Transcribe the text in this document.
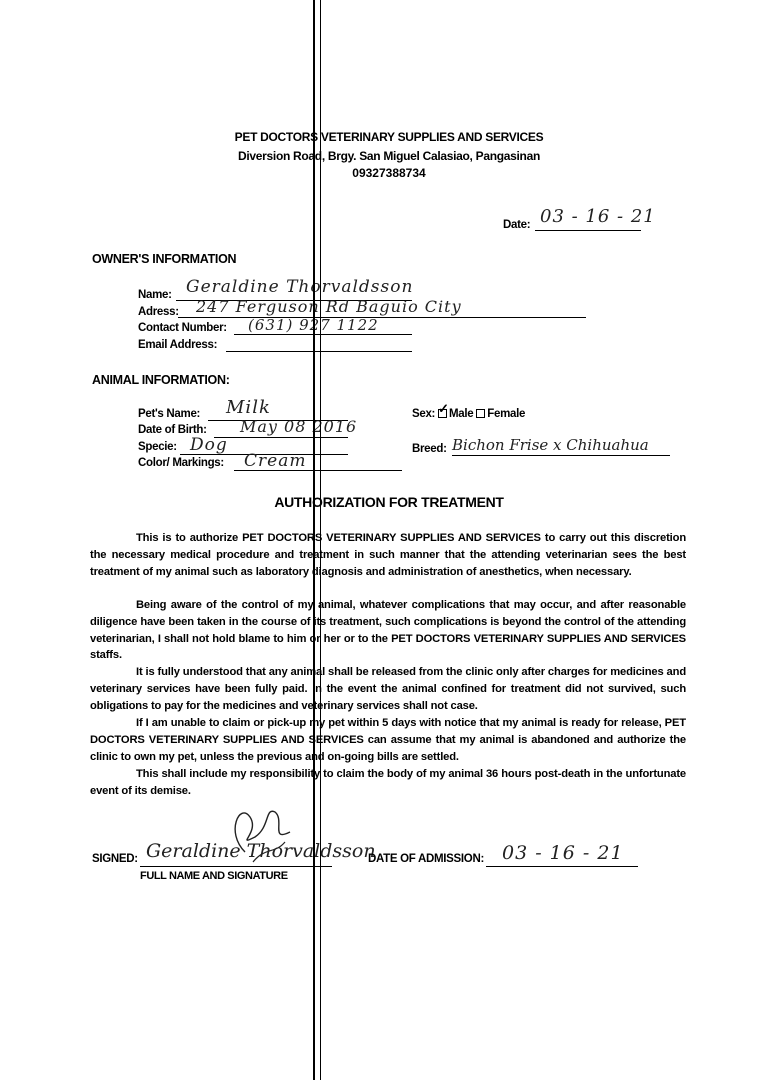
PET DOCTORS VETERINARY SUPPLIES AND SERVICES
Diversion Road, Brgy. San Miguel Calasiao, Pangasinan
09327388734
Date: 03 - 16 - 21
OWNER'S INFORMATION
Name: Geraldine Thorvaldsson
Adress: 247 Ferguson Rd Baguio City
Contact Number: (631) 927 1122
Email Address:
ANIMAL INFORMATION:
Pet's Name: Milk
Date of Birth: May 08 2016
Specie: Dog
Color/ Markings: Cream
Sex: ✓ Male Female
Breed: Bichon Frise x Chihuahua
AUTHORIZATION FOR TREATMENT
This is to authorize PET DOCTORS VETERINARY SUPPLIES AND SERVICES to carry out this discretion the necessary medical procedure and treatment in such manner that the attending veterinarian sees the best treatment of my animal such as laboratory diagnosis and administration of anesthetics, when necessary.
Being aware of the control of my animal, whatever complications that may occur, and after reasonable diligence have been taken in the course of its treatment, such complications is beyond the control of the attending veterinarian, I shall not hold blame to him or her or to the PET DOCTORS VETERINARY SUPPLIES AND SERVICES staffs.
It is fully understood that any animal shall be released from the clinic only after charges for medicines and veterinary services have been fully paid. In the event the animal confined for treatment did not survived, such obligations to pay for the medicines and veterinary services shall not case.
If I am unable to claim or pick-up my pet within 5 days with notice that my animal is ready for release, PET DOCTORS VETERINARY SUPPLIES AND SERVICES can assume that my animal is abandoned and authorize the clinic to own my pet, unless the previous and on-going bills are settled.
This shall include my responsibility to claim the body of my animal 36 hours post-death in the unfortunate event of its demise.
SIGNED: Geraldine Thorvaldsson
FULL NAME AND SIGNATURE
DATE OF ADMISSION: 03 - 16 - 21
